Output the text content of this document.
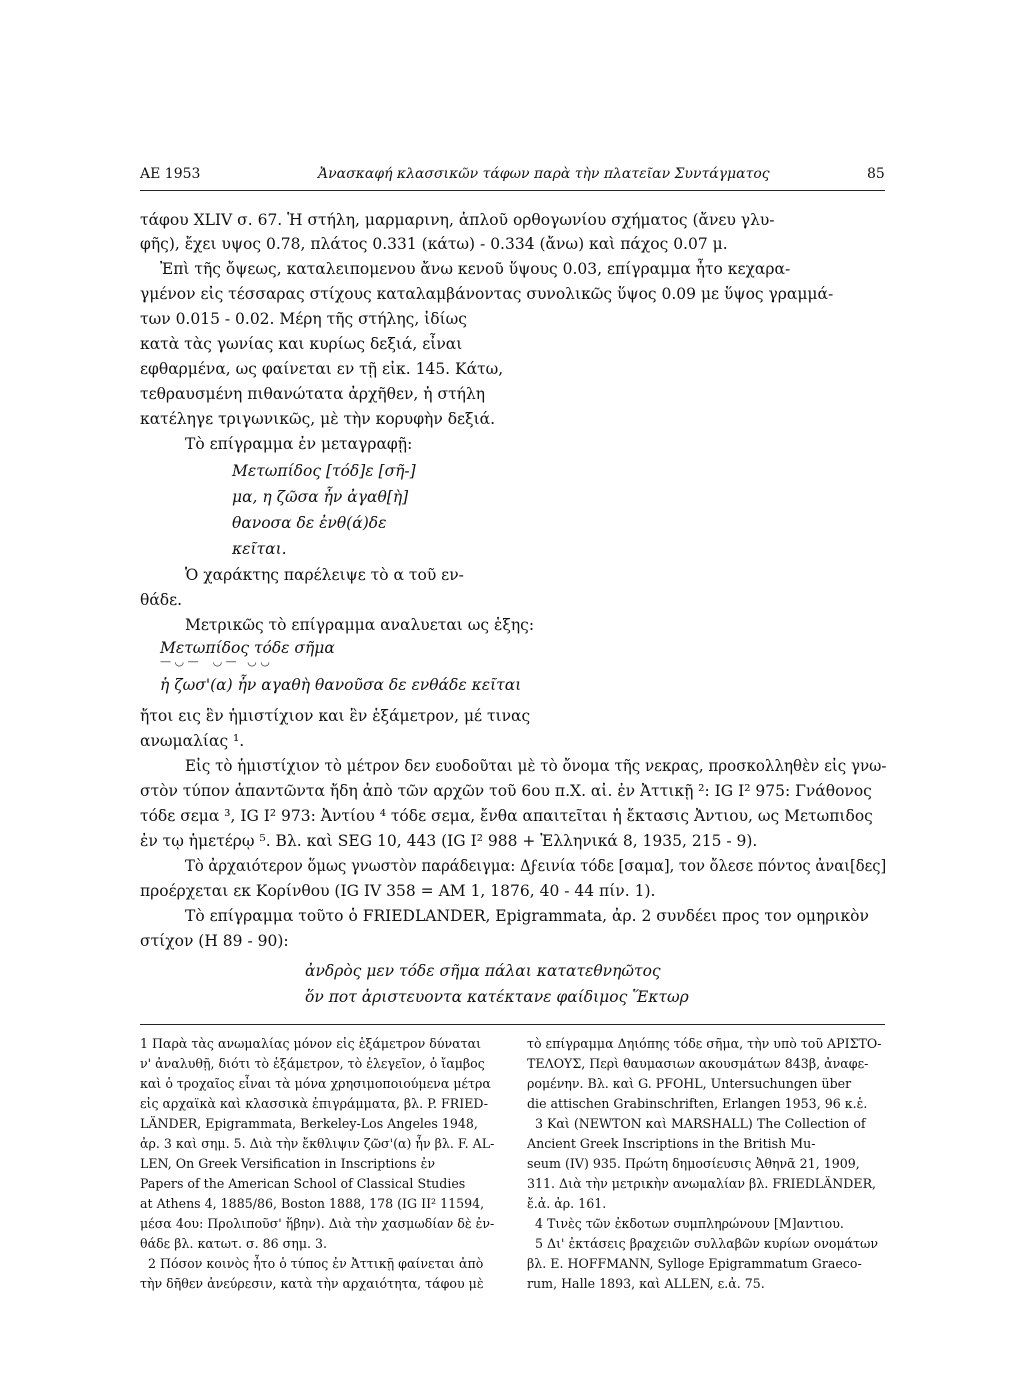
ΑΕ 1953	Ἀνασκαφή κλασσικῶν τάφων παρὰ τὴν πλατεῖαν Συντάγματος	85
τάφου XLIV σ. 67. Ἡ στήλη, μαρμαρινη, ἁπλοῦ ορθογωνίου σχήματος (ἄνευ γλυ-
φῆς), ἔχει υψος 0.78, πλάτος 0.331 (κάτω) - 0.334 (ἄνω) καὶ πάχος 0.07 μ.
Ἐπὶ τῆς ὄψεως, καταλειπομενου ἄνω κενοῦ ὕψους 0.03, επίγραμμα ἦτο κεχαρα-
γμένον εἰς τέσσαρας στίχους καταλαμβάνοντας συνολικῶς ὕψος 0.09 με ὕψος γραμμά-
των 0.015 - 0.02. Μέρη τῆς στήλης, ἰδίως
κατὰ τὰς γωνίας και κυρίως δεξιά, εἶναι
εφθαρμένα, ως φαίνεται εν τῇ εἰκ. 145. Κάτω,
τεθραυσμένη πιθανώτατα ἀρχῆθεν, ἡ στήλη
κατέληγε τριγωνικῶς, μὲ τὴν κορυφὴν δεξιά.
Τὸ επίγραμμα ἐν μεταγραφῇ:
Μετωπίδος [τόδ]ε [σῆ-]
μα, η ζῶσα ἦν ἀγαθ[ὴ]
θανοσα δε ἐνθ(ά)δε
κεῖται.
Ὁ χαράκτης παρέλειψε τὸ α τοῦ εν-
θάδε.
Μετρικῶς τὸ επίγραμμα αναλυεται ως ἑξης:
Μετωπίδος τόδε σῆμα
— ◡ —    ◡ —   ◡ ◡
ἡ ζωσ'(α) ἦν αγαθὴ θανοῦσα δε ενθάδε κεῖται
ἤτοι εις ἓν ἡμιστίχιον και ἓν ἑξάμετρον, μέ τινας
ανωμαλίας ¹.
Εἰς τὸ ἡμιστίχιον τὸ μέτρον δεν ευοδοῦται μὲ τὸ ὄνομα τῆς νεκρας, προσκολληθὲν εἰς γνω-
στὸν τύπον ἁπαντῶντα ἤδη ἀπὸ τῶν αρχῶν τοῦ 6ου π.Χ. αἰ. ἐν Ἀττικῇ ²: IG I² 975: Γνάθονος
τόδε σεμα ³, IG I² 973: Ἀντίου ⁴ τόδε σεμα, ἔνθα απαιτεῖται ἡ ἔκτασις Ἀντιου, ως Μετωπιδος
ἐν τῳ ἡμετέρῳ ⁵. Βλ. καὶ SEG 10, 443 (IG I² 988 + Ἑλληνικά 8, 1935, 215 - 9).
Τὸ ἀρχαιότερον ὅμως γνωστὸν παράδειγμα: Δϝεινία τόδε [σαμα], τον ὄλεσε πόντος ἀναι[δες]
προέρχεται εκ Κορίνθου (IG IV 358 = AM 1, 1876, 40 - 44 πίν. 1).
Τὸ επίγραμμα τοῦτο ὁ FRIEDLANDER, Epigrammata, ἀρ. 2 συνδέει προς τον ομηρικὸν
στίχον (Η 89 - 90):
ἀνδρὸς μεν τόδε σῆμα πάλαι κατατεθνηῶτος
ὅν ποτ ἀριστευοντα κατέκτανε φαίδιμος Ἕκτωρ
1 Παρὰ τὰς ανωμαλίας μόνον εἰς ἑξάμετρον δύναται
ν' ἀναλυθῇ, διότι τὸ ἑξάμετρον, τὸ ἐλεγεῖον, ὁ ἴαμβος
καὶ ὁ τροχαῖος εἶναι τὰ μόνα χρησιμοποιούμενα μέτρα
εἰς αρχαϊκὰ καὶ κλασσικὰ ἐπιγράμματα, βλ. P. FRIED-
LÄNDER, Epigrammata, Berkeley-Los Angeles 1948,
ἀρ. 3 καὶ σημ. 5. Διὰ τὴν ἔκθλιψιν ζῶσ'(α) ἦν βλ. F. AL-
LEN, On Greek Versification in Inscriptions ἐν
Papers of the American School of Classical Studies
at Athens 4, 1885/86, Boston 1888, 178 (IG II² 11594,
μέσα 4ου: Προλιποῦσ' ἥβην). Διὰ τὴν χασμωδίαν δὲ ἐν-
θάδε βλ. κατωτ. σ. 86 σημ. 3.
2 Πόσον κοινὸς ἦτο ὁ τύπος ἐν Ἀττικῇ φαίνεται ἀπὸ
τὴν δῆθεν ἀνεύρεσιν, κατὰ τὴν αρχαιότητα, τάφου μὲ
τὸ επίγραμμα Δηιόπης τόδε σῆμα, τὴν υπὸ τοῦ ΑΡΙΣΤΟ-
ΤΕΛΟΥΣ, Περὶ θαυμασιων ακουσμάτων 843β, ἀναφε-
ρομένην. Βλ. καὶ G. PFOHL, Untersuchungen über
die attischen Grabinschriften, Erlangen 1953, 96 κ.ἑ.
3 Καὶ (NEWTON καὶ MARSHALL) The Collection of
Ancient Greek Inscriptions in the British Mu-
seum (IV) 935. Πρώτη δημοσίευσις Ἀθηνᾶ 21, 1909,
311. Διὰ τὴν μετρικὴν ανωμαλίαν βλ. FRIEDLÄNDER,
ἔ.ἀ. ἀρ. 161.
4 Τινὲς τῶν ἐκδοτων συμπληρώνουν [Μ]αντιου.
5 Δι' ἐκτάσεις βραχειῶν συλλαβῶν κυρίων ονομάτων
βλ. E. HOFFMANN, Sylloge Epigrammatum Graeco-
rum, Halle 1893, καὶ ALLEN, ε.ἀ. 75.
